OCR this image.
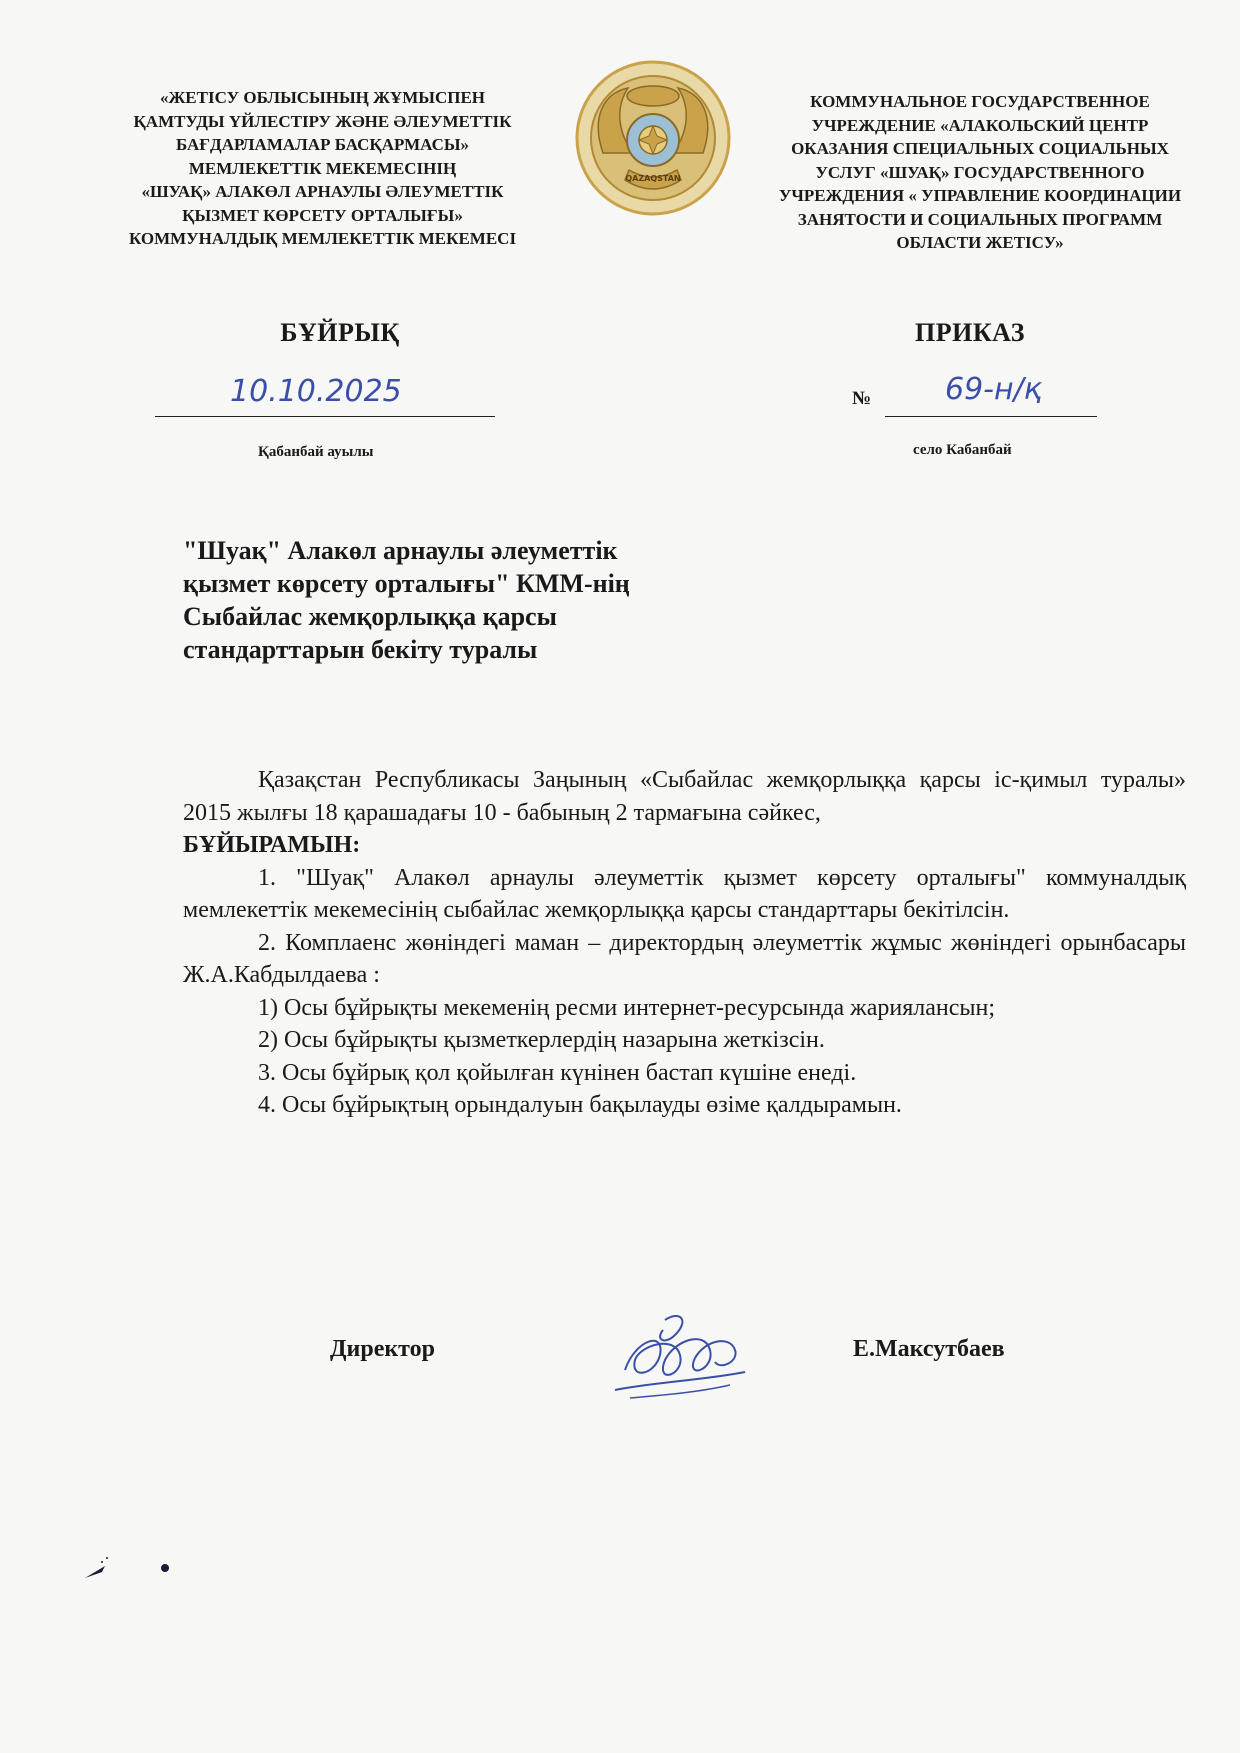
«ЖЕТІСУ ОБЛЫСЫНЫҢ ЖҰМЫСПЕН
ҚАМТУДЫ ҮЙЛЕСТІРУ ЖӘНЕ ӘЛЕУМЕТТІК
БАҒДАРЛАМАЛАР БАСҚАРМАСЫ»
МЕМЛЕКЕТТІК МЕКЕМЕСІНІҢ
«ШУАҚ» АЛАКӨЛ АРНАУЛЫ ӘЛЕУМЕТТІК
ҚЫЗМЕТ КӨРСЕТУ ОРТАЛЫҒЫ»
КОММУНАЛДЫҚ МЕМЛЕКЕТТІК МЕКЕМЕСІ
QAZAQSTAN
КОММУНАЛЬНОЕ ГОСУДАРСТВЕННОЕ
УЧРЕЖДЕНИЕ «АЛАКОЛЬСКИЙ ЦЕНТР
ОКАЗАНИЯ СПЕЦИАЛЬНЫХ СОЦИАЛЬНЫХ
УСЛУГ «ШУАҚ» ГОСУДАРСТВЕННОГО
УЧРЕЖДЕНИЯ « УПРАВЛЕНИЕ КООРДИНАЦИИ
ЗАНЯТОСТИ И СОЦИАЛЬНЫХ ПРОГРАММ
ОБЛАСТИ ЖЕТІСУ»
БҰЙРЫҚ	ПРИКАЗ
10.10.2025	№ 69-н/қ
Қабанбай ауылы	село Кабанбай
"Шуақ" Алакөл арнаулы әлеуметтік
қызмет көрсету орталығы" КММ-нің
Сыбайлас жемқорлыққа қарсы
стандарттарын бекіту туралы
Қазақстан Республикасы Заңының «Сыбайлас жемқорлыққа қарсы іс-қимыл туралы» 2015 жылғы 18 қарашадағы 10 - бабының 2 тармағына сәйкес,
БҰЙЫРАМЫН:
1. "Шуақ" Алакөл арнаулы әлеуметтік қызмет көрсету орталығы" коммуналдық мемлекеттік мекемесінің сыбайлас жемқорлыққа қарсы стандарттары бекітілсін.
2. Комплаенс жөніндегі маман – директордың әлеуметтік жұмыс жөніндегі орынбасары Ж.А.Кабдылдаева :
1) Осы бұйрықты мекеменің ресми интернет-ресурсында жариялансын;
2) Осы бұйрықты қызметкерлердің назарына жеткізсін.
3. Осы бұйрық қол қойылған күнінен бастап күшіне енеді.
4. Осы бұйрықтың орындалуын бақылауды өзіме қалдырамын.
Директор	Е.Максутбаев
